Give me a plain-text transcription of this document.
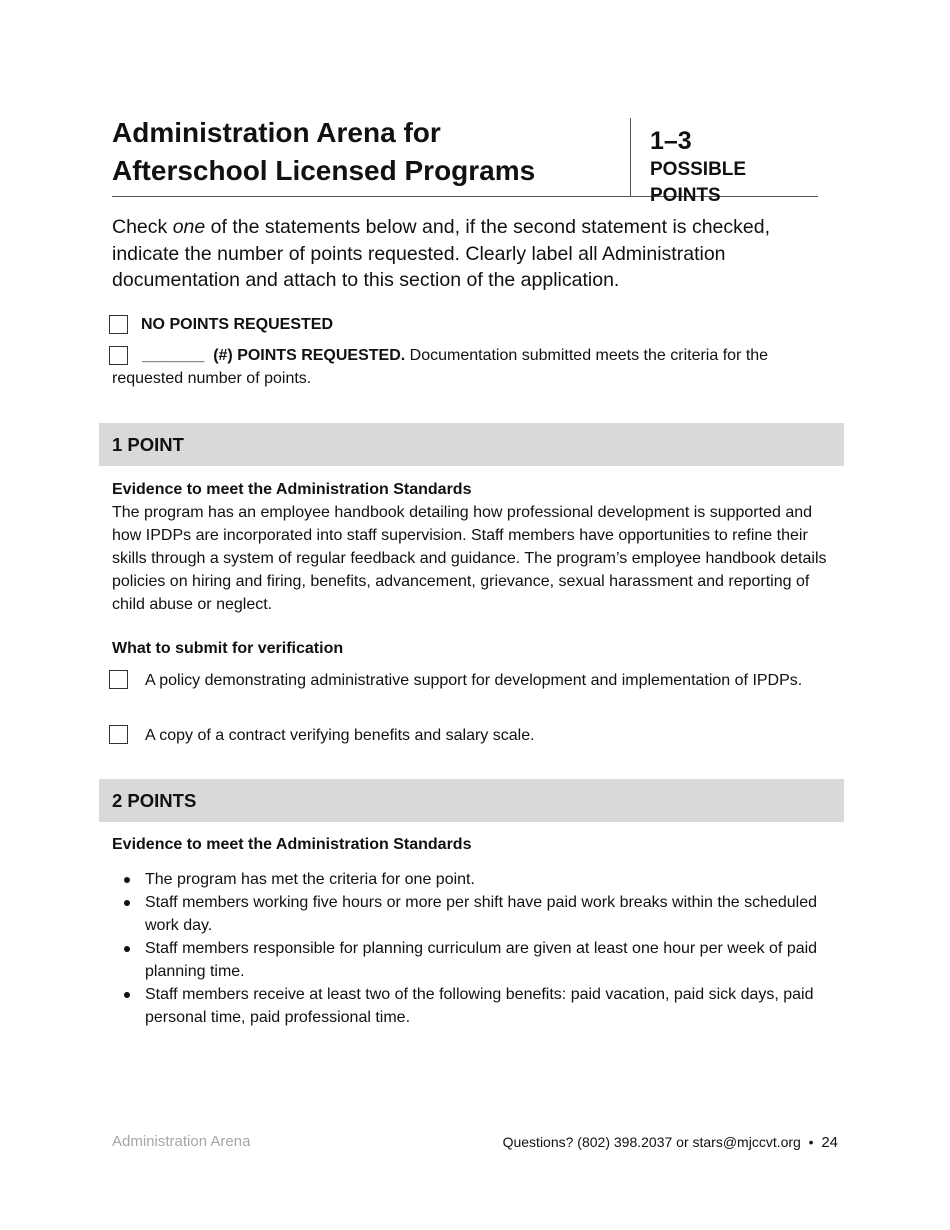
Administration Arena for
Afterschool Licensed Programs
1–3
POSSIBLE POINTS
Check one of the statements below and, if the second statement is checked, indicate the number of points requested. Clearly label all Administration documentation and attach to this section of the application.
NO POINTS REQUESTED
_______ (#) POINTS REQUESTED. Documentation submitted meets the criteria for the
requested number of points.
1 POINT
Evidence to meet the Administration Standards
The program has an employee handbook detailing how professional development is supported and how IPDPs are incorporated into staff supervision. Staff members have opportunities to refine their skills through a system of regular feedback and guidance. The program’s employee handbook details policies on hiring and firing, benefits, advancement, grievance, sexual harassment and reporting of child abuse or neglect.
What to submit for verification
A policy demonstrating administrative support for development and implementation of IPDPs.
A copy of a contract verifying benefits and salary scale.
2 POINTS
Evidence to meet the Administration Standards
The program has met the criteria for one point.
Staff members working five hours or more per shift have paid work breaks within the scheduled work day.
Staff members responsible for planning curriculum are given at least one hour per week of paid planning time.
Staff members receive at least two of the following benefits: paid vacation, paid sick days, paid personal time, paid professional time.
Administration Arena	Questions? (802) 398.2037 or stars@mjccvt.org • 24
